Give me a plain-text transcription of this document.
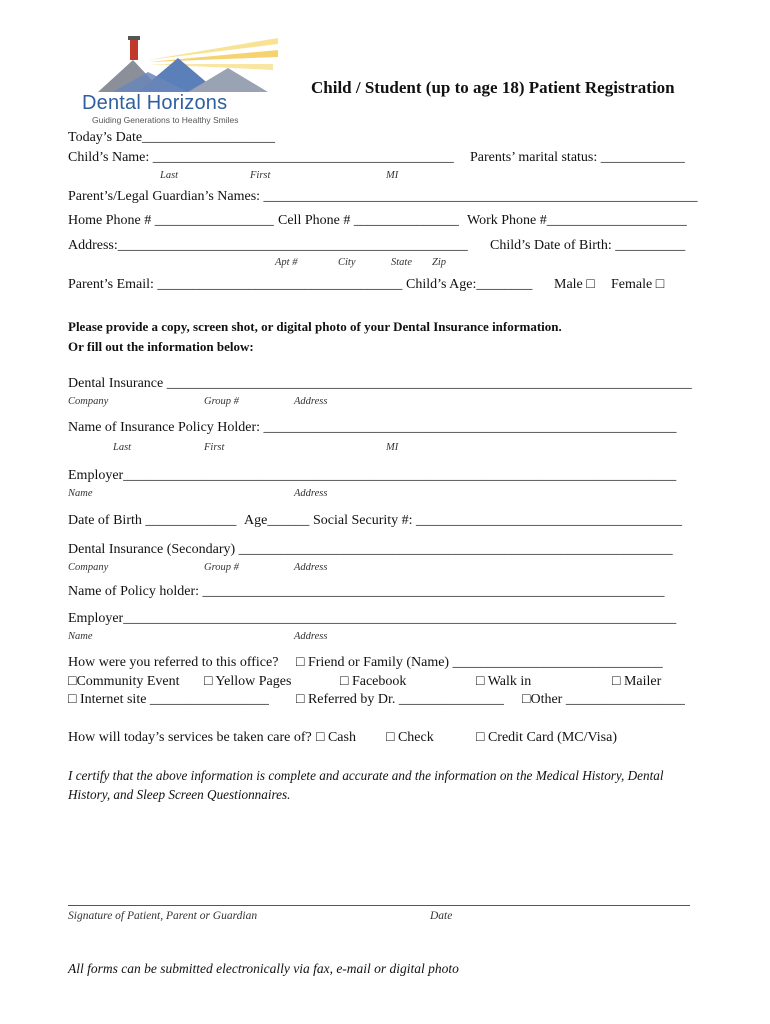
Dental Horizons
Guiding Generations to Healthy Smiles
Child / Student (up to age 18) Patient Registration
Today’s Date___________________
Child’s Name: ___________________________________________ Parents’ marital status: ____________
Last	First	MI
Parent’s/Legal Guardian’s Names: ______________________________________________________________
Home Phone # _________________ Cell Phone # _______________ Work Phone #____________________
Address:__________________________________________________ Child’s Date of Birth: __________
Apt #	City	State Zip
Parent’s Email: ___________________________________ Child’s Age:________ Male □ Female □
Please provide a copy, screen shot, or digital photo of your Dental Insurance information.
Or fill out the information below:
Dental Insurance ___________________________________________________________________________
Company	Group #	Address
Name of Insurance Policy Holder: ___________________________________________________________
Last	First	MI
Employer_______________________________________________________________________________
Name	Address
Date of Birth _____________ Age______ Social Security #: ______________________________________
Dental Insurance (Secondary) ______________________________________________________________
Company	Group #	Address
Name of Policy holder: __________________________________________________________________
Employer_______________________________________________________________________________
Name	Address
How were you referred to this office? □ Friend or Family (Name) ______________________________
□Community Event □ Yellow Pages	□ Facebook	□ Walk in	□ Mailer
□ Internet site _________________ □ Referred by Dr. _______________ □Other _________________
How will today’s services be taken care of? □ Cash □ Check	□ Credit Card (MC/Visa)
I certify that the above information is complete and accurate and the information on the Medical History, Dental
History, and Sleep Screen Questionnaires.
Signature of Patient, Parent or Guardian	Date
All forms can be submitted electronically via fax, e-mail or digital photo
